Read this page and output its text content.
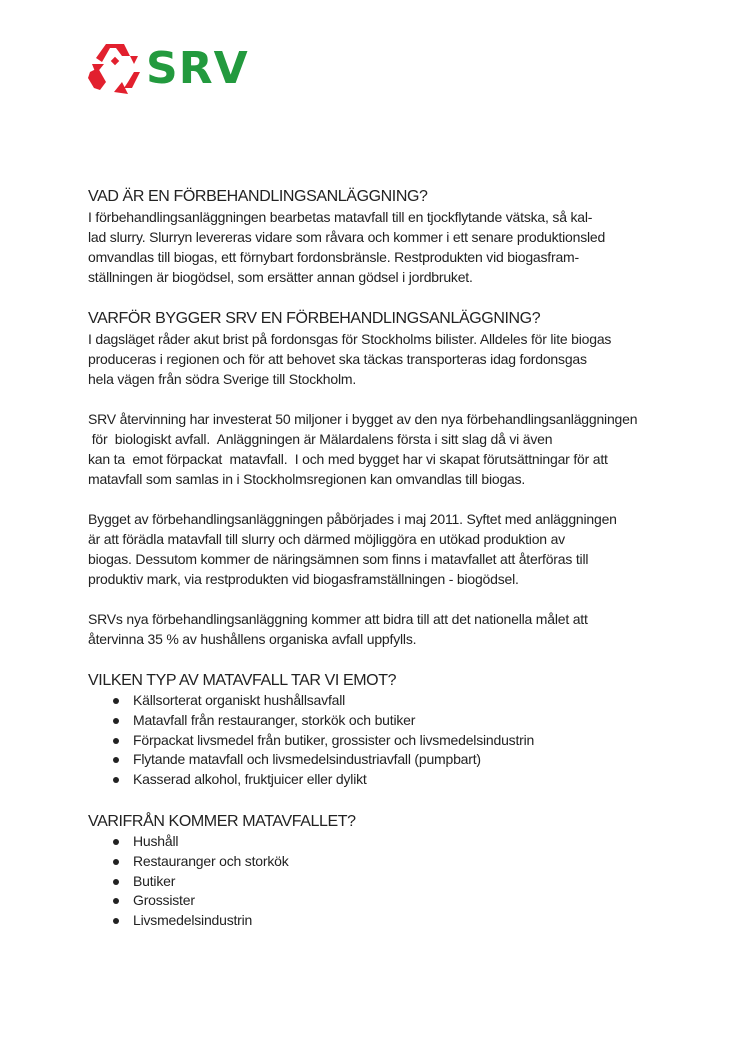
SRV
VAD ÄR EN FÖRBEHANDLINGSANLÄGGNING?

I förbehandlingsanläggningen bearbetas matavfall till en tjockflytande vätska, så kal-
lad slurry. Slurryn levereras vidare som råvara och kommer i ett senare produktionsled
omvandlas till biogas, ett förnybart fordonsbränsle. Restprodukten vid biogasfram-
ställningen är biogödsel, som ersätter annan gödsel i jordbruket.

VARFÖR BYGGER SRV EN FÖRBEHANDLINGSANLÄGGNING?

I dagsläget råder akut brist på fordonsgas för Stockholms bilister. Alldeles för lite biogas
produceras i regionen och för att behovet ska täckas transporteras idag fordonsgas
hela vägen från södra Sverige till Stockholm.

SRV återvinning har investerat 50 miljoner i bygget av den nya förbehandlingsanläggningen
för  biologiskt avfall.  Anläggningen är Mälardalens första i sitt slag då vi även
kan ta  emot förpackat  matavfall.  I och med bygget har vi skapat förutsättningar för att
matavfall som samlas in i Stockholmsregionen kan omvandlas till biogas.

Bygget av förbehandlingsanläggningen påbörjades i maj 2011. Syftet med anläggningen
är att förädla matavfall till slurry och därmed möjliggöra en utökad produktion av
biogas. Dessutom kommer de näringsämnen som finns i matavfallet att återföras till
produktiv mark, via restprodukten vid biogasframställningen - biogödsel.

SRVs nya förbehandlingsanläggning kommer att bidra till att det nationella målet att
återvinna 35 % av hushållens organiska avfall uppfylls.

VILKEN TYP AV MATAVFALL TAR VI EMOT?
Källsorterat organiskt hushållsavfall
Matavfall från restauranger, storkök och butiker
Förpackat livsmedel från butiker, grossister och livsmedelsindustrin
Flytande matavfall och livsmedelsindustriavfall (pumpbart)
Kasserad alkohol, fruktjuicer eller dylikt
VARIFRÅN KOMMER MATAVFALLET?
Hushåll
Restauranger och storkök
Butiker
Grossister
Livsmedelsindustrin
